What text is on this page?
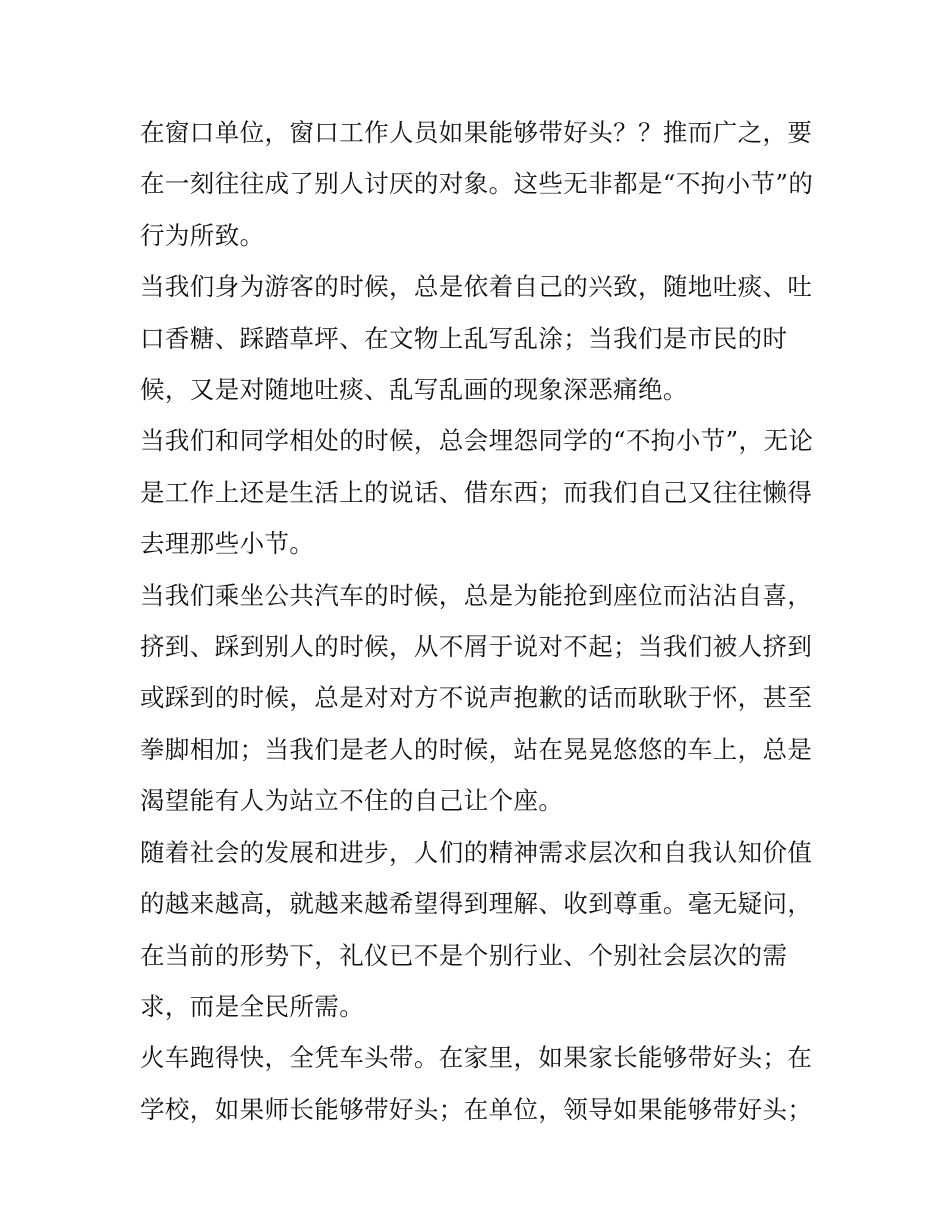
在窗口单位，窗口工作人员如果能够带好头？？推而广之，要
在一刻往往成了别人讨厌的对象。这些无非都是“不拘小节”的
行为所致。

当我们身为游客的时候，总是依着自己的兴致，随地吐痰、吐
口香糖、踩踏草坪、在文物上乱写乱涂；当我们是市民的时
候，又是对随地吐痰、乱写乱画的现象深恶痛绝。

当我们和同学相处的时候，总会埋怨同学的“不拘小节”，无论
是工作上还是生活上的说话、借东西；而我们自己又往往懒得
去理那些小节。

当我们乘坐公共汽车的时候，总是为能抢到座位而沾沾自喜，
挤到、踩到别人的时候，从不屑于说对不起；当我们被人挤到
或踩到的时候，总是对对方不说声抱歉的话而耿耿于怀，甚至
拳脚相加；当我们是老人的时候，站在晃晃悠悠的车上，总是
渴望能有人为站立不住的自己让个座。

随着社会的发展和进步，人们的精神需求层次和自我认知价值
的越来越高，就越来越希望得到理解、收到尊重。毫无疑问，
在当前的形势下，礼仪已不是个别行业、个别社会层次的需
求，而是全民所需。

火车跑得快，全凭车头带。在家里，如果家长能够带好头；在
学校，如果师长能够带好头；在单位，领导如果能够带好头；
